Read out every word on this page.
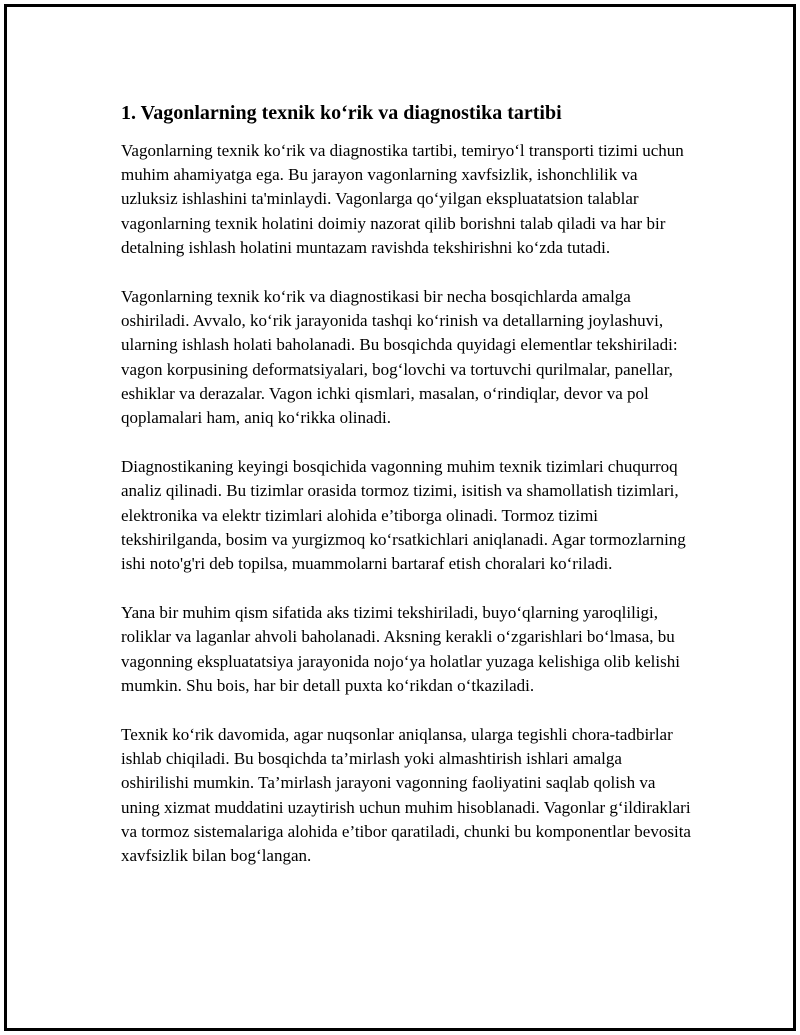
1. Vagonlarning texnik koʻrik va diagnostika tartibi

Vagonlarning texnik koʻrik va diagnostika tartibi, temiryoʻl transporti tizimi uchun muhim ahamiyatga ega. Bu jarayon vagonlarning xavfsizlik, ishonchlilik va uzluksiz ishlashini ta'minlaydi. Vagonlarga qoʻyilgan ekspluatatsion talablar vagonlarning texnik holatini doimiy nazorat qilib borishni talab qiladi va har bir detalning ishlash holatini muntazam ravishda tekshirishni koʻzda tutadi.

Vagonlarning texnik koʻrik va diagnostikasi bir necha bosqichlarda amalga oshiriladi. Avvalo, koʻrik jarayonida tashqi koʻrinish va detallarning joylashuvi, ularning ishlash holati baholanadi. Bu bosqichda quyidagi elementlar tekshiriladi: vagon korpusining deformatsiyalari, bogʻlovchi va tortuvchi qurilmalar, panellar, eshiklar va derazalar. Vagon ichki qismlari, masalan, oʻrindiqlar, devor va pol qoplamalari ham, aniq koʻrikka olinadi.

Diagnostikaning keyingi bosqichida vagonning muhim texnik tizimlari chuqurroq analiz qilinadi. Bu tizimlar orasida tormoz tizimi, isitish va shamollatish tizimlari, elektronika va elektr tizimlari alohida e’tiborga olinadi. Tormoz tizimi tekshirilganda, bosim va yurgizmoq koʻrsatkichlari aniqlanadi. Agar tormozlarning ishi noto'g'ri deb topilsa, muammolarni bartaraf etish choralari koʻriladi.

Yana bir muhim qism sifatida aks tizimi tekshiriladi, buyoʻqlarning yaroqliligi, roliklar va laganlar ahvoli baholanadi. Aksning kerakli oʻzgarishlari boʻlmasa, bu vagonning ekspluatatsiya jarayonida nojoʻya holatlar yuzaga kelishiga olib kelishi mumkin. Shu bois, har bir detall puxta koʻrikdan oʻtkaziladi.

Texnik koʻrik davomida, agar nuqsonlar aniqlansa, ularga tegishli chora-tadbirlar ishlab chiqiladi. Bu bosqichda ta’mirlash yoki almashtirish ishlari amalga oshirilishi mumkin. Ta’mirlash jarayoni vagonning faoliyatini saqlab qolish va uning xizmat muddatini uzaytirish uchun muhim hisoblanadi. Vagonlar gʻildiraklari va tormoz sistemalariga alohida e’tibor qaratiladi, chunki bu komponentlar bevosita xavfsizlik bilan bogʻlangan.
